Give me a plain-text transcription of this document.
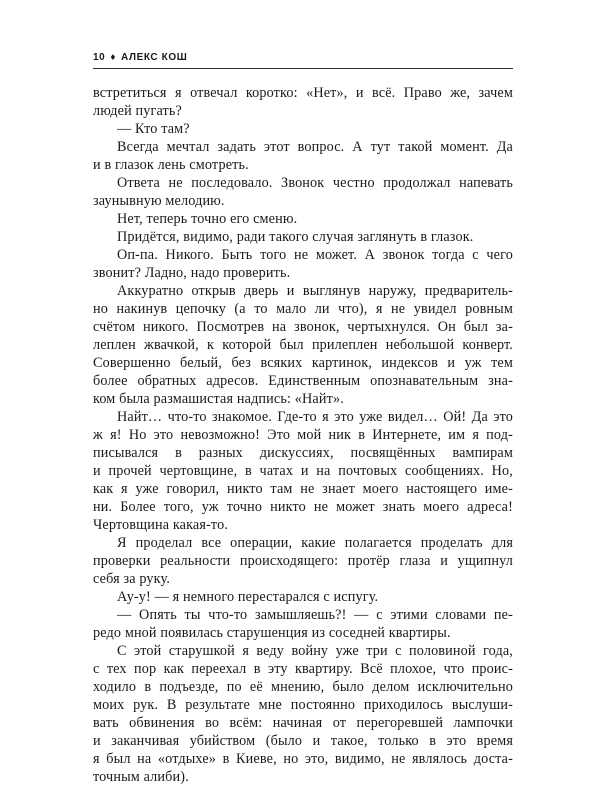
10 ♦ АЛЕКС КОШ
встретиться я отвечал коротко: «Нет», и всё. Право же, зачем
людей пугать?
— Кто там?
Всегда мечтал задать этот вопрос. А тут такой момент. Да
и в глазок лень смотреть.
Ответа не последовало. Звонок честно продолжал напевать
заунывную мелодию.
Нет, теперь точно его сменю.
Придётся, видимо, ради такого случая заглянуть в глазок.
Оп-па. Никого. Быть того не может. А звонок тогда с чего
звонит? Ладно, надо проверить.
Аккуратно открыв дверь и выглянув наружу, предваритель-
но накинув цепочку (а то мало ли что), я не увидел ровным
счётом никого. Посмотрев на звонок, чертыхнулся. Он был за-
леплен жвачкой, к которой был прилеплен небольшой конверт.
Совершенно белый, без всяких картинок, индексов и уж тем
более обратных адресов. Единственным опознавательным зна-
ком была размашистая надпись: «Найт».
Найт… что-то знакомое. Где-то я это уже видел… Ой! Да это
ж я! Но это невозможно! Это мой ник в Интернете, им я под-
писывался в разных дискуссиях, посвящённых вампирам
и прочей чертовщине, в чатах и на почтовых сообщениях. Но,
как я уже говорил, никто там не знает моего настоящего име-
ни. Более того, уж точно никто не может знать моего адреса!
Чертовщина какая-то.
Я проделал все операции, какие полагается проделать для
проверки реальности происходящего: протёр глаза и ущипнул
себя за руку.
Ау-у! — я немного перестарался с испугу.
— Опять ты что-то замышляешь?! — с этими словами пе-
редо мной появилась старушенция из соседней квартиры.
С этой старушкой я веду войну уже три с половиной года,
с тех пор как переехал в эту квартиру. Всё плохое, что проис-
ходило в подъезде, по её мнению, было делом исключительно
моих рук. В результате мне постоянно приходилось выслуши-
вать обвинения во всём: начиная от перегоревшей лампочки
и заканчивая убийством (было и такое, только в это время
я был на «отдыхе» в Киеве, но это, видимо, не являлось доста-
точным алиби).
